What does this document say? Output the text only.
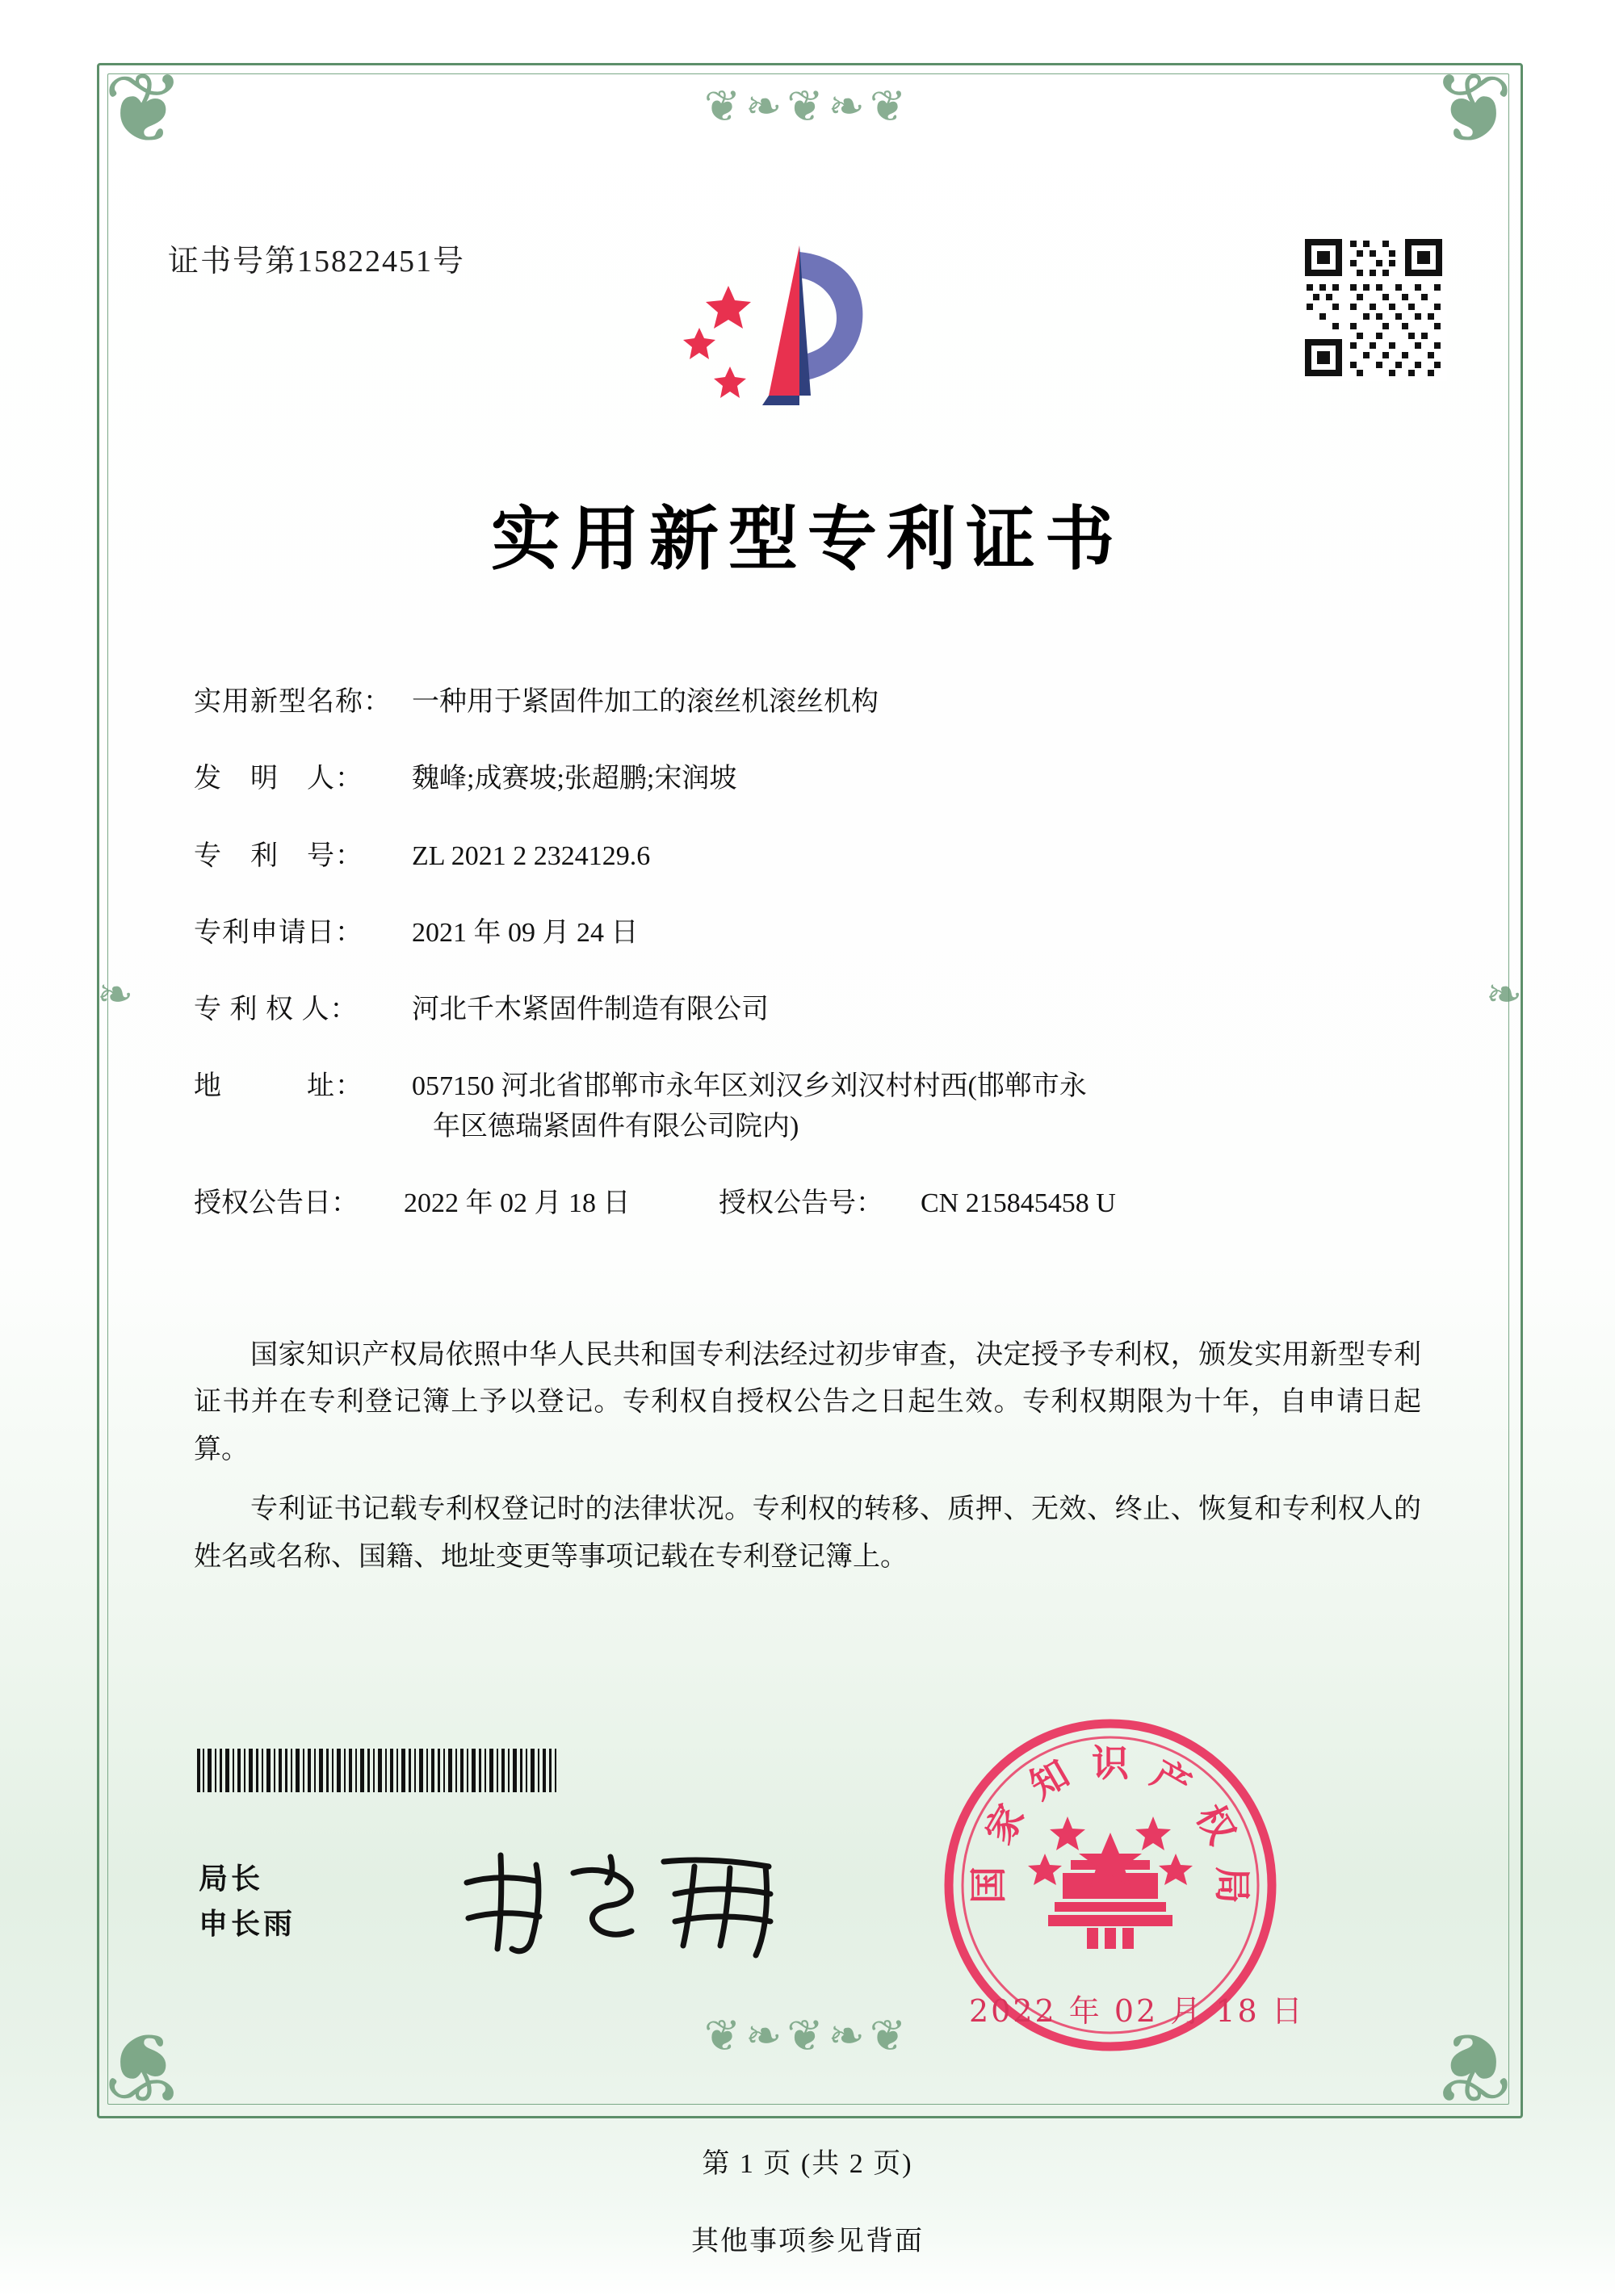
❦	❦
❦	❦
❦❧❦❧❦
❦❧❦❧❦
❧	❧
证书号第15822451号
实用新型专利证书
实用新型名称： 一种用于紧固件加工的滚丝机滚丝机构
发　明　人：	魏峰;成赛坡;张超鹏;宋润坡
专　利　号：	ZL 2021 2 2324129.6
专利申请日：	2021 年 09 月 24 日
专 利 权 人：	河北千木紧固件制造有限公司
地　　　址：	057150 河北省邯郸市永年区刘汉乡刘汉村村西(邯郸市永
年区德瑞紧固件有限公司院内)
授权公告日：	2022 年 02 月 18 日	授权公告号：	CN 215845458 U

国家知识产权局依照中华人民共和国专利法经过初步审查，决定授予专利权，颁发实用新型专利证书并在专利登记簿上予以登记。专利权自授权公告之日起生效。专利权期限为十年，自申请日起算。

专利证书记载专利权登记时的法律状况。专利权的转移、质押、无效、终止、恢复和专利权人的姓名或名称、国籍、地址变更等事项记载在专利登记簿上。

局长
申长雨
识
知
家
国
产
权
局
2022 年 02 月 18 日
第 1 页 (共 2 页)
其他事项参见背面
